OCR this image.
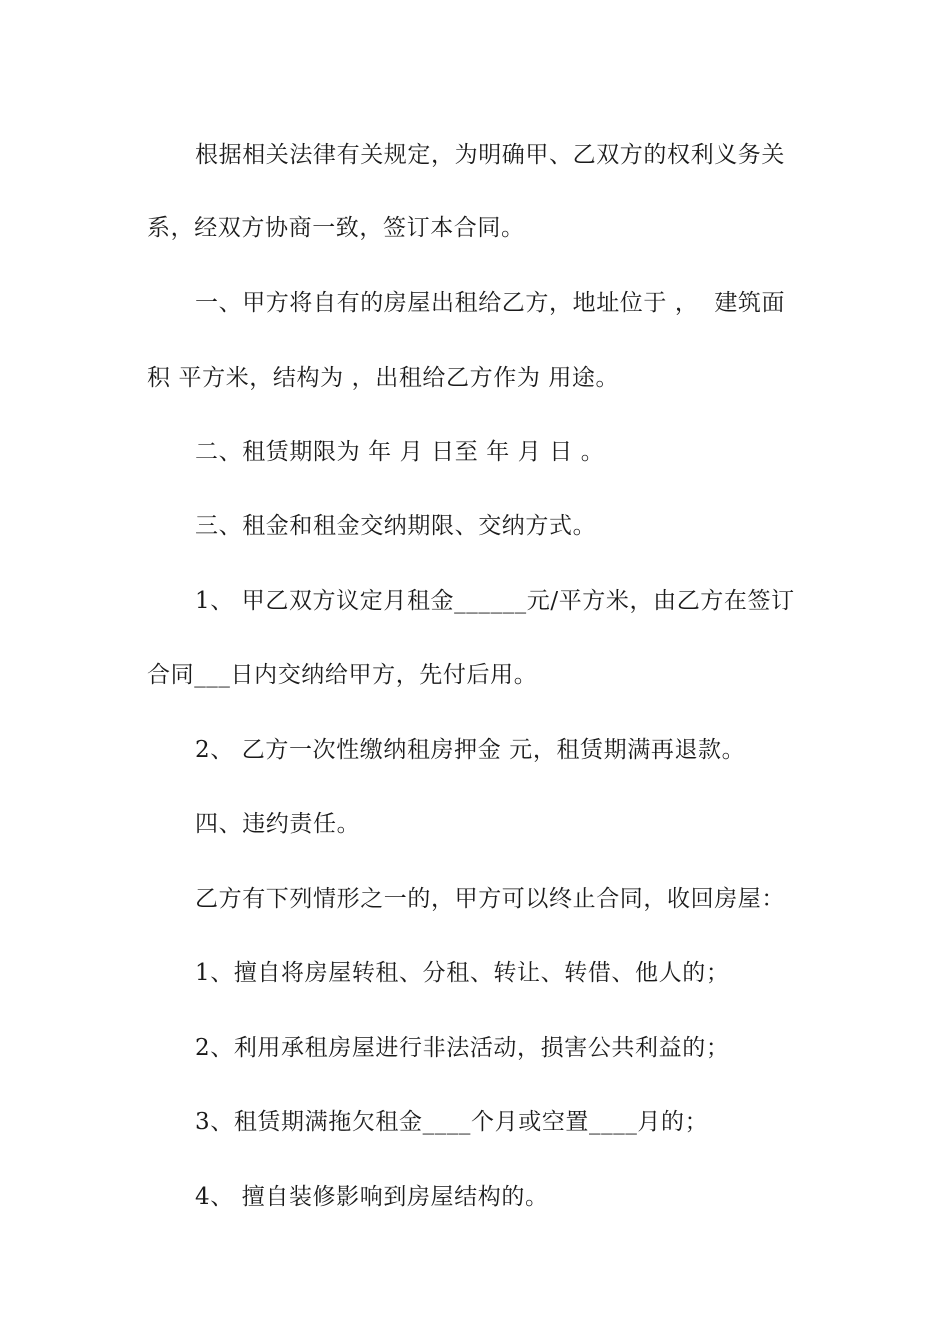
根据相关法律有关规定，为明确甲、乙双方的权利义务关
系，经双方协商一致，签订本合同。
一、甲方将自有的房屋出租给乙方，地址位于 ，  建筑面
积 平方米，结构为 ，出租给乙方作为 用途。
二、租赁期限为 年 月 日至 年 月 日 。
三、租金和租金交纳期限、交纳方式。
1、 甲乙双方议定月租金______元/平方米，由乙方在签订
合同___日内交纳给甲方，先付后用。
2、 乙方一次性缴纳租房押金 元，租赁期满再退款。
四、违约责任。
乙方有下列情形之一的，甲方可以终止合同，收回房屋：
1、擅自将房屋转租、分租、转让、转借、他人的；
2、利用承租房屋进行非法活动，损害公共利益的；
3、租赁期满拖欠租金____个月或空置____月的；
4、 擅自装修影响到房屋结构的。
